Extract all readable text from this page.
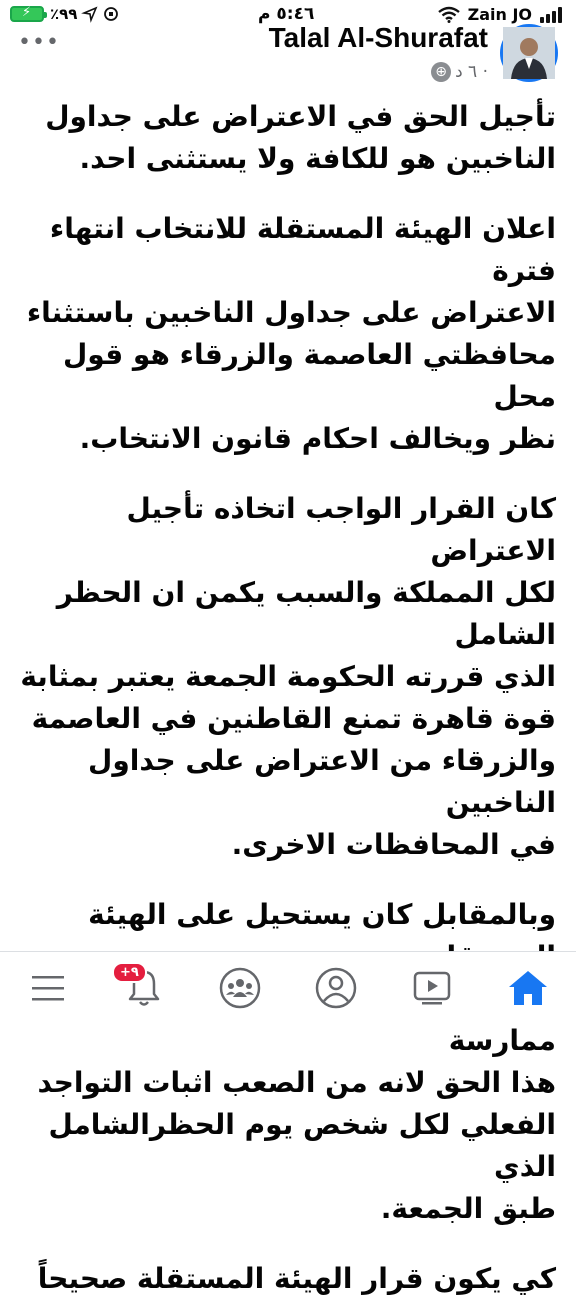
⚡ ٪٩٩	٥:٤٦ م	Zain JO
•••	Talal Al-Shurafat
⊕ ٦ د ·

تأجيل الحق في الاعتراض على جداول
الناخبين هو للكافة ولا يستثنى احد.

اعلان الهيئة المستقلة للانتخاب انتهاء فترة
الاعتراض على جداول الناخبين باستثناء
محافظتي العاصمة والزرقاء هو قول محل
نظر ويخالف احكام قانون الانتخاب.

كان القرار الواجب اتخاذه تأجيل الاعتراض
لكل المملكة والسبب يكمن ان الحظر الشامل
الذي قررته الحكومة الجمعة يعتبر بمثابة
قوة قاهرة تمنع القاطنين في العاصمة
والزرقاء من الاعتراض على جداول الناخبين
في المحافظات الاخرى.

وبالمقابل كان يستحيل على الهيئة
ممارسة
هذا الحق لانه من الصعب اثبات التواجد
الفعلي لكل شخص يوم الحظرالشامل الذي
طبق الجمعة.

كي يكون قرار الهيئة المستقلة صحيحاً

+٩
